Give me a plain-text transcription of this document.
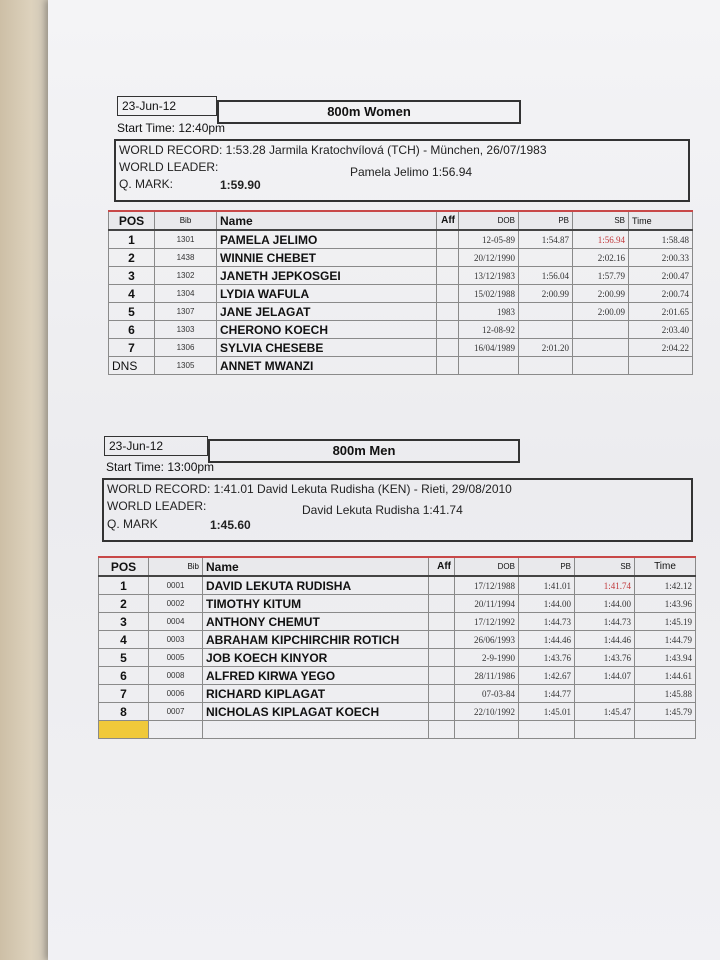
23-Jun-12	800m Women
Start Time: 12:40pm
WORLD RECORD: 1:53.28 Jarmila Kratochvílová (TCH) - München, 26/07/1983
WORLD LEADER:	Pamela Jelimo 1:56.94
Q. MARK:	1:59.90
POS	Bib	Name	Aff	DOB	PB	SB	Time
1	1301	PAMELA JELIMO		12-05-89	1:54.87	1:56.94	1:58.48
2	1438	WINNIE CHEBET		20/12/1990		2:02.16	2:00.33
3	1302	JANETH JEPKOSGEI		13/12/1983	1:56.04	1:57.79	2:00.47
4	1304	LYDIA WAFULA		15/02/1988	2:00.99	2:00.99	2:00.74
5	1307	JANE JELAGAT		1983		2:00.09	2:01.65
6	1303	CHERONO KOECH		12-08-92			2:03.40
7	1306	SYLVIA CHESEBE		16/04/1989	2:01.20		2:04.22
DNS	1305	ANNET MWANZI					
23-Jun-12	800m Men
Start Time: 13:00pm
WORLD RECORD: 1:41.01 David Lekuta Rudisha (KEN) - Rieti, 29/08/2010
WORLD LEADER:	David Lekuta Rudisha 1:41.74
Q. MARK	1:45.60
POS	Bib	Name	Aff	DOB	PB	SB	Time
1	0001	DAVID LEKUTA RUDISHA		17/12/1988	1:41.01	1:41.74	1:42.12
2	0002	TIMOTHY KITUM		20/11/1994	1:44.00	1:44.00	1:43.96
3	0004	ANTHONY CHEMUT		17/12/1992	1:44.73	1:44.73	1:45.19
4	0003	ABRAHAM KIPCHIRCHIR ROTICH		26/06/1993	1:44.46	1:44.46	1:44.79
5	0005	JOB KOECH KINYOR		2-9-1990	1:43.76	1:43.76	1:43.94
6	0008	ALFRED KIRWA YEGO		28/11/1986	1:42.67	1:44.07	1:44.61
7	0006	RICHARD KIPLAGAT		07-03-84	1:44.77		1:45.88
8	0007	NICHOLAS KIPLAGAT KOECH		22/10/1992	1:45.01	1:45.47	1:45.79
